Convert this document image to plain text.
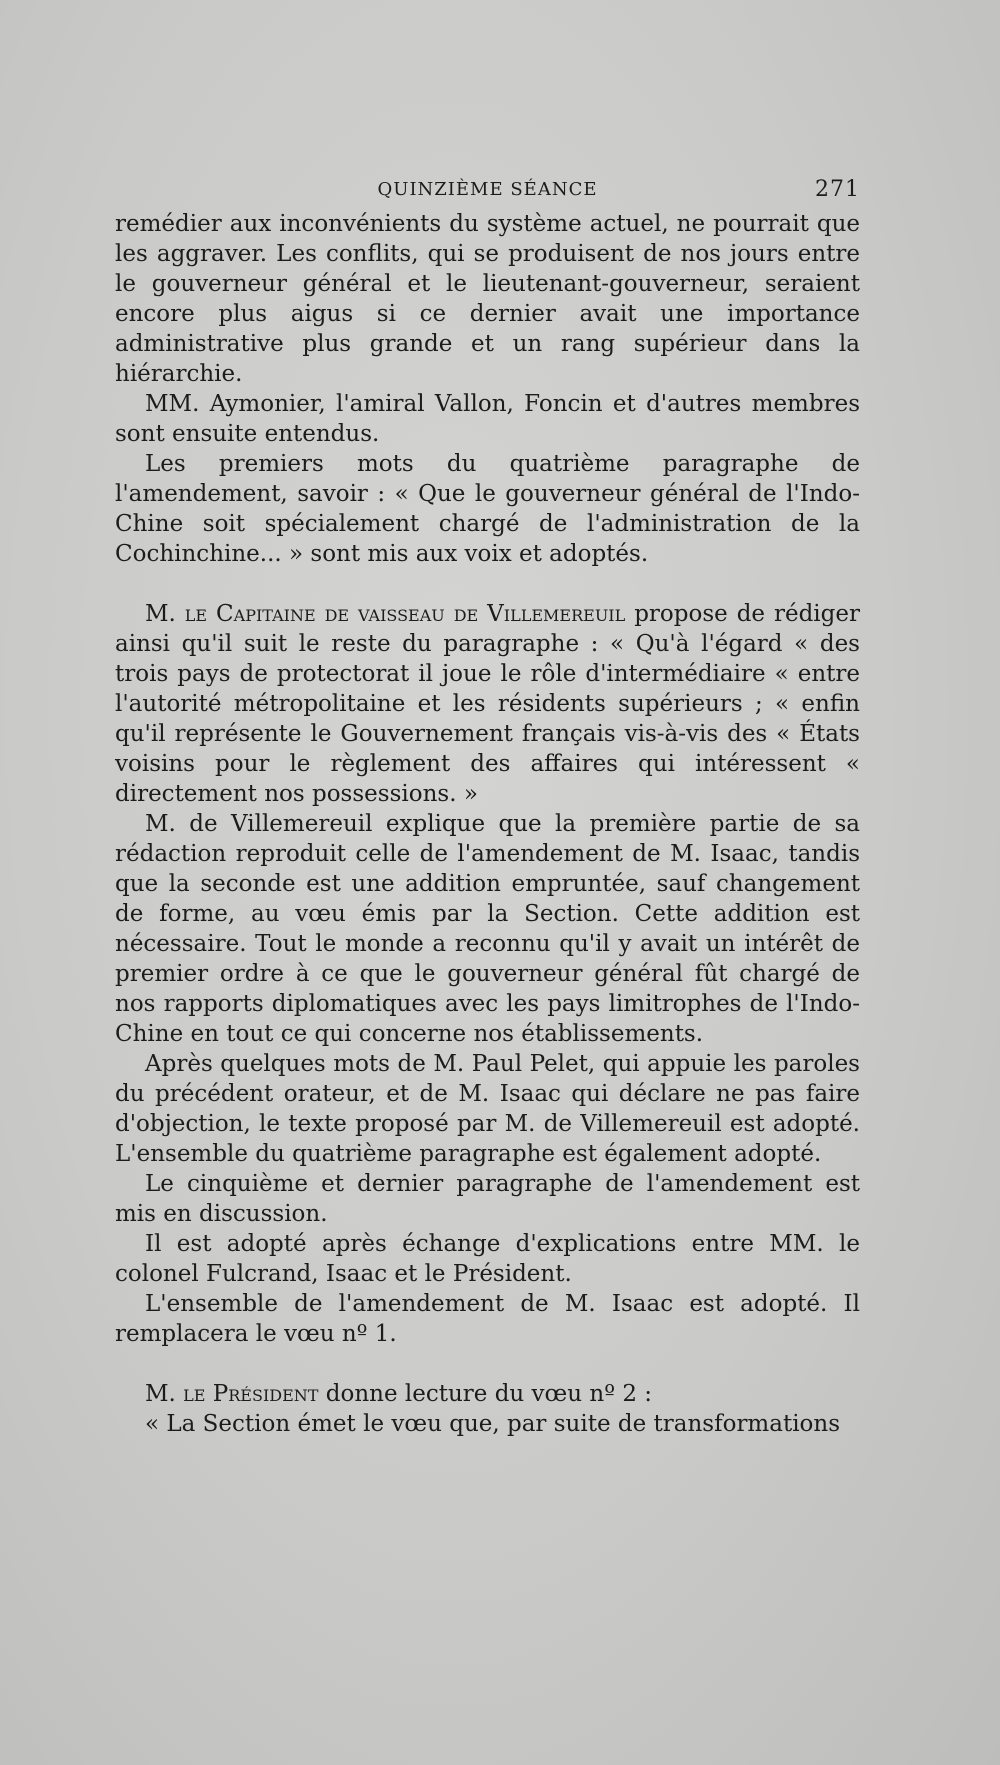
QUINZIÈME SÉANCE	271

remédier aux inconvénients du système actuel, ne pourrait que les aggraver. Les conflits, qui se produisent de nos jours entre le gouverneur général et le lieutenant-gouverneur, seraient encore plus aigus si ce dernier avait une importance administrative plus grande et un rang supérieur dans la hiérarchie.

MM. Aymonier, l'amiral Vallon, Foncin et d'autres membres sont ensuite entendus.

Les premiers mots du quatrième paragraphe de l'amendement, savoir : « Que le gouverneur général de l'Indo-Chine soit spécialement chargé de l'administration de la Cochinchine... » sont mis aux voix et adoptés.

M. le Capitaine de vaisseau de Villemereuil propose de rédiger ainsi qu'il suit le reste du paragraphe : « Qu'à l'égard « des trois pays de protectorat il joue le rôle d'intermédiaire « entre l'autorité métropolitaine et les résidents supérieurs ; « enfin qu'il représente le Gouvernement français vis-à-vis des « États voisins pour le règlement des affaires qui intéressent « directement nos possessions. »

M. de Villemereuil explique que la première partie de sa rédaction reproduit celle de l'amendement de M. Isaac, tandis que la seconde est une addition empruntée, sauf changement de forme, au vœu émis par la Section. Cette addition est nécessaire. Tout le monde a reconnu qu'il y avait un intérêt de premier ordre à ce que le gouverneur général fût chargé de nos rapports diplomatiques avec les pays limitrophes de l'Indo-Chine en tout ce qui concerne nos établissements.

Après quelques mots de M. Paul Pelet, qui appuie les paroles du précédent orateur, et de M. Isaac qui déclare ne pas faire d'objection, le texte proposé par M. de Villemereuil est adopté. L'ensemble du quatrième paragraphe est également adopté.

Le cinquième et dernier paragraphe de l'amendement est mis en discussion.

Il est adopté après échange d'explications entre MM. le colonel Fulcrand, Isaac et le Président.

L'ensemble de l'amendement de M. Isaac est adopté. Il remplacera le vœu nº 1.

M. le Président donne lecture du vœu nº 2 :

« La Section émet le vœu que, par suite de transformations
